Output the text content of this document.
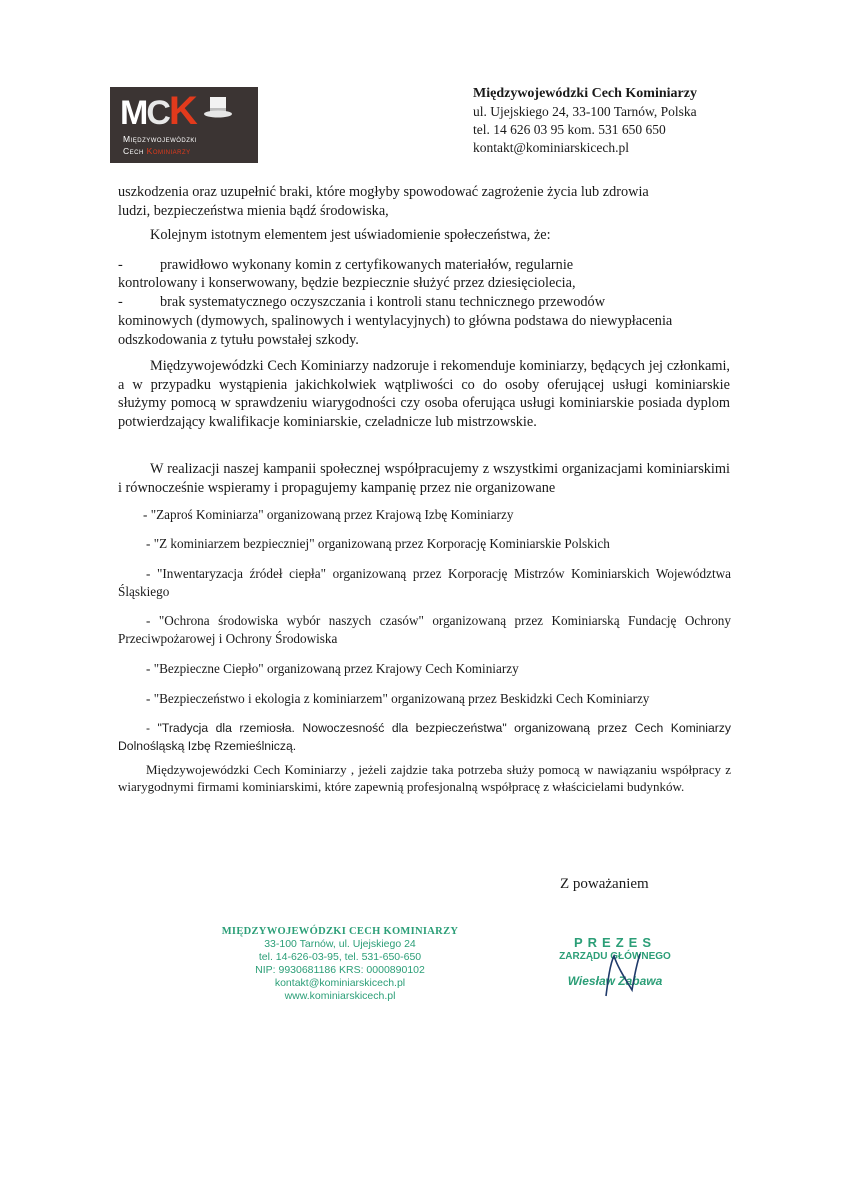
MCK
Międzywojewódzki
Cech Kominiarzy
Międzywojewódzki Cech Kominiarzy
ul. Ujejskiego 24, 33-100 Tarnów, Polska
tel. 14 626 03 95 kom. 531 650 650
kontakt@kominiarskicech.pl
uszkodzenia oraz uzupełnić braki, które mogłyby spowodować zagrożenie życia lub zdrowia ludzi, bezpieczeństwa mienia bądź środowiska,
Kolejnym istotnym elementem jest uświadomienie społeczeństwa, że:
-	prawidłowo wykonany komin z certyfikowanych materiałów, regularnie
kontrolowany i konserwowany, będzie bezpiecznie służyć przez dziesięciolecia,
-	brak systematycznego oczyszczania i kontroli stanu technicznego przewodów
kominowych (dymowych, spalinowych i wentylacyjnych) to główna podstawa do niewypłacenia odszkodowania z tytułu powstałej szkody.
Międzywojewódzki Cech Kominiarzy nadzoruje i rekomenduje kominiarzy, będących jej członkami, a w przypadku wystąpienia jakichkolwiek wątpliwości co do osoby oferującej usługi kominiarskie służymy pomocą w sprawdzeniu wiarygodności czy osoba oferująca usługi kominiarskie posiada dyplom potwierdzający kwalifikacje kominiarskie, czeladnicze lub mistrzowskie.
W realizacji naszej kampanii społecznej współpracujemy z wszystkimi organizacjami kominiarskimi i równocześnie wspieramy i propagujemy kampanię przez nie organizowane
- "Zaproś Kominiarza" organizowaną przez Krajową Izbę Kominiarzy
- "Z kominiarzem bezpieczniej" organizowaną przez Korporację Kominiarskie Polskich
- "Inwentaryzacja źródeł ciepła" organizowaną przez Korporację Mistrzów Kominiarskich Województwa Śląskiego
- "Ochrona środowiska wybór naszych czasów" organizowaną przez Kominiarską Fundację Ochrony Przeciwpożarowej i Ochrony Środowiska
- "Bezpieczne Ciepło" organizowaną przez Krajowy Cech Kominiarzy
- "Bezpieczeństwo i ekologia z kominiarzem" organizowaną przez Beskidzki Cech Kominiarzy
- "Tradycja dla rzemiosła. Nowoczesność dla bezpieczeństwa" organizowaną przez Cech Kominiarzy Dolnośląską Izbę Rzemieślniczą.
Międzywojewódzki Cech Kominiarzy , jeżeli zajdzie taka potrzeba służy pomocą w nawiązaniu współpracy z wiarygodnymi firmami kominiarskimi, które zapewnią profesjonalną współpracę z właścicielami budynków.
Z poważaniem
MIĘDZYWOJEWÓDZKI CECH KOMINIARZY
33-100 Tarnów, ul. Ujejskiego 24
tel. 14-626-03-95, tel. 531-650-650
NIP: 9930681186 KRS: 0000890102
kontakt@kominiarskicech.pl
www.kominiarskicech.pl
PREZES
ZARZĄDU GŁÓWNEGO
Wiesław Zabawa
